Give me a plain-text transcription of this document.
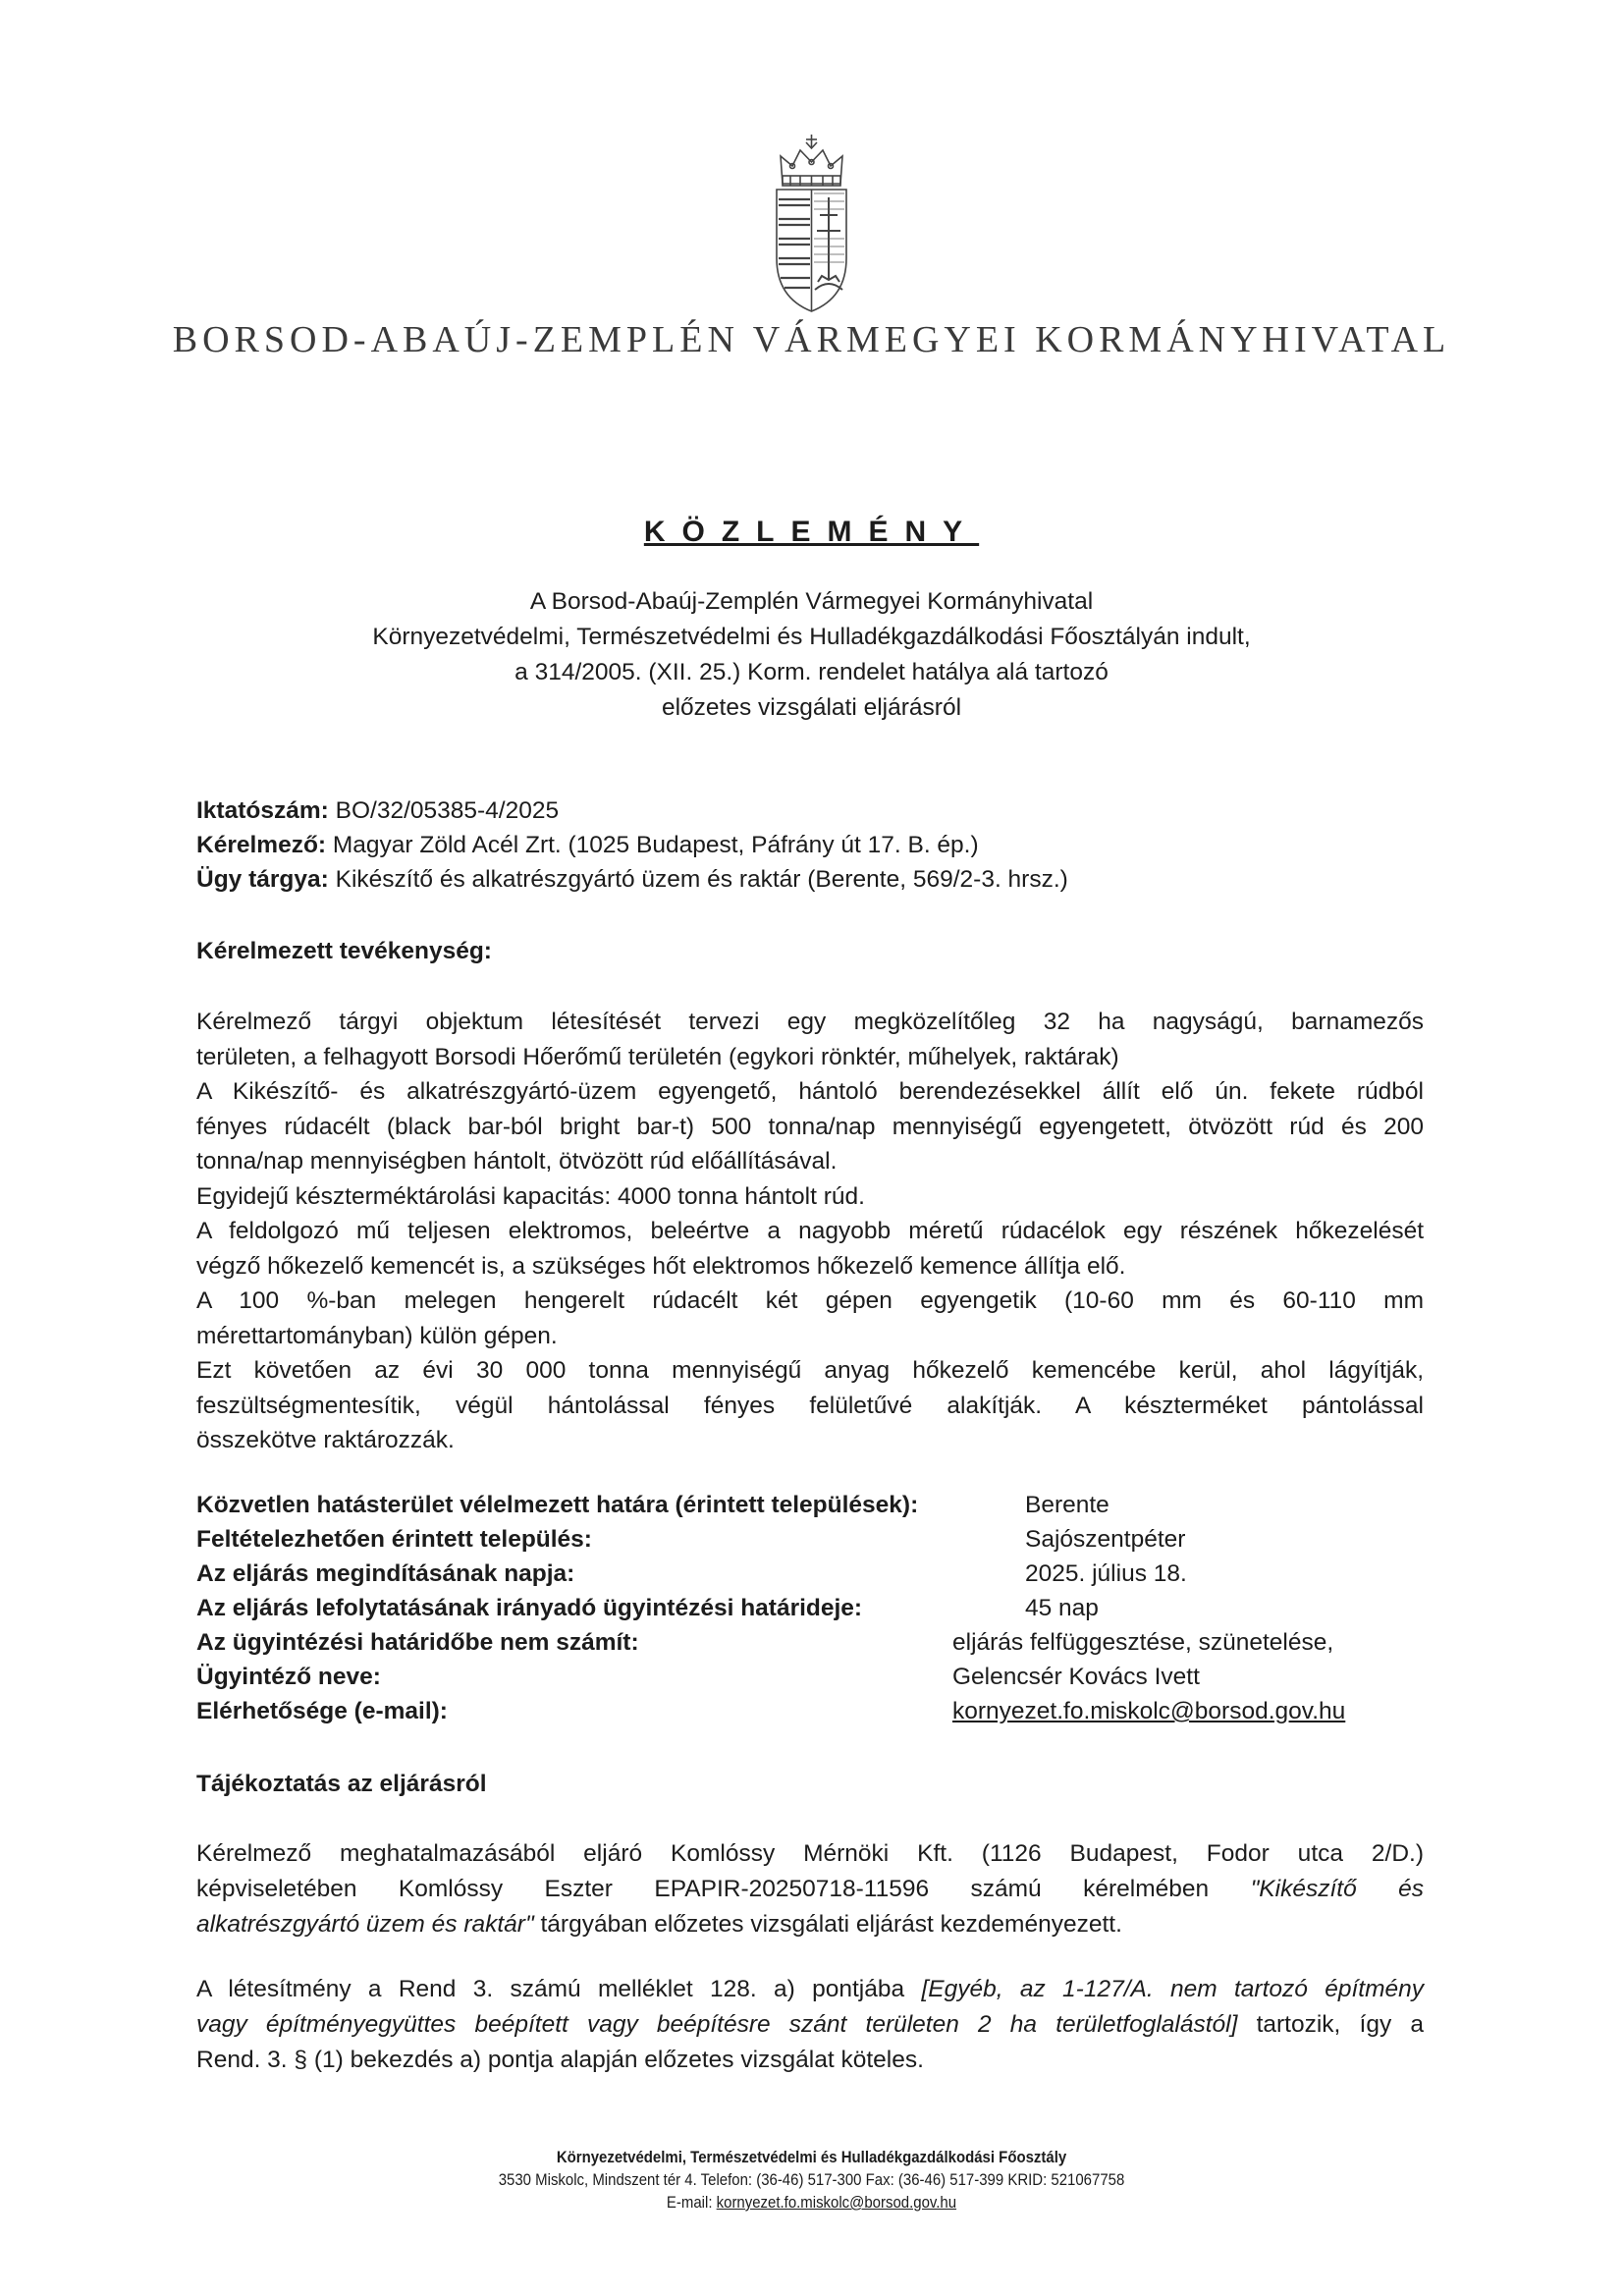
BORSOD-ABAÚJ-ZEMPLÉN VÁRMEGYEI KORMÁNYHIVATAL
KÖZLEMÉNY
A Borsod-Abaúj-Zemplén Vármegyei Kormányhivatal
Környezetvédelmi, Természetvédelmi és Hulladékgazdálkodási Főosztályán indult,
a 314/2005. (XII. 25.) Korm. rendelet hatálya alá tartozó
előzetes vizsgálati eljárásról
Iktatószám: BO/32/05385-4/2025
Kérelmező: Magyar Zöld Acél Zrt. (1025 Budapest, Páfrány út 17. B. ép.)
Ügy tárgya: Kikészítő és alkatrészgyártó üzem és raktár (Berente, 569/2-3. hrsz.)
Kérelmezett tevékenység:

Kérelmező tárgyi objektum létesítését tervezi egy megközelítőleg 32 ha nagyságú, barnamezős

területen, a felhagyott Borsodi Hőerőmű területén (egykori rönktér, műhelyek, raktárak)

A Kikészítő- és alkatrészgyártó-üzem egyengető, hántoló berendezésekkel állít elő ún. fekete rúdból

fényes rúdacélt (black bar-ból bright bar-t) 500 tonna/nap mennyiségű egyengetett, ötvözött rúd és 200

tonna/nap mennyiségben hántolt, ötvözött rúd előállításával.

Egyidejű készterméktárolási kapacitás: 4000 tonna hántolt rúd.

A feldolgozó mű teljesen elektromos, beleértve a nagyobb méretű rúdacélok egy részének hőkezelését

végző hőkezelő kemencét is, a szükséges hőt elektromos hőkezelő kemence állítja elő.

A 100 %-ban melegen hengerelt rúdacélt két gépen egyengetik (10-60 mm és 60-110 mm

mérettartományban) külön gépen.

Ezt követően az évi 30 000 tonna mennyiségű anyag hőkezelő kemencébe kerül, ahol lágyítják,

feszültségmentesítik, végül hántolással fényes felületűvé alakítják. A készterméket pántolással

összekötve raktározzák.

Közvetlen hatásterület vélelmezett határa (érintett települések):	Berente
Feltételezhetően érintett település:	Sajószentpéter
Az eljárás megindításának napja:	2025. július 18.
Az eljárás lefolytatásának irányadó ügyintézési határideje:	45 nap
Az ügyintézési határidőbe nem számít:	eljárás felfüggesztése, szünetelése,
Ügyintéző neve:	Gelencsér Kovács Ivett
Elérhetősége (e-mail):	kornyezet.fo.miskolc@borsod.gov.hu
Tájékoztatás az eljárásról
Kérelmező meghatalmazásából eljáró Komlóssy Mérnöki Kft. (1126 Budapest, Fodor utca 2/D.)
képviseletében Komlóssy Eszter EPAPIR-20250718-11596 számú kérelmében "Kikészítő és
alkatrészgyártó üzem és raktár" tárgyában előzetes vizsgálati eljárást kezdeményezett.
A létesítmény a Rend 3. számú melléklet 128. a) pontjába [Egyéb, az 1-127/A. nem tartozó építmény
vagy építményegyüttes beépített vagy beépítésre szánt területen 2 ha területfoglalástól] tartozik, így a
Rend. 3. § (1) bekezdés a) pontja alapján előzetes vizsgálat köteles.
Környezetvédelmi, Természetvédelmi és Hulladékgazdálkodási Főosztály
3530 Miskolc, Mindszent tér 4. Telefon: (36-46) 517-300 Fax: (36-46) 517-399 KRID: 521067758
E-mail: kornyezet.fo.miskolc@borsod.gov.hu
